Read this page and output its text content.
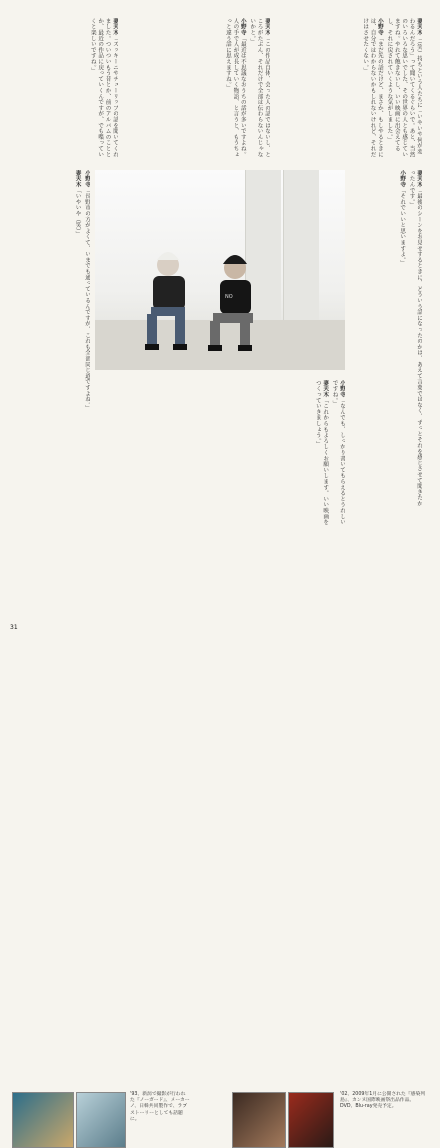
妻夫木「（笑）持ちという人たちに「いやいや何が変わるんだろう」って聞いてくるぐらいで。あと、当然のいろいろな思いでした、その世界の人とも感じていますね。やれて飽きないし、いい映画に出会えてるし、それに戻されていくような気がしました。」

小野寺「まだ先の話だけど、まさか、もしやるときには、自分ではわからないかもしれないけれど、それだけはさせたくない。」

妻夫木「この作品自体、会った人の話ではないし、ところがたぶん、それだけで全部は伝わらないんじゃないかと。」

小野寺「最近は不思議なおうちの話が多いですよね。人の手で人が成長していく物語、と言うと、もうちょっと違う話に思えますね。」

妻夫木「ズッキーニやチューリップの話を聞いてくれました。ついついもう昔とか、前のアルバムのこととか、最近の作品に戻っていくんですが、でも喋っていくと楽しいですね。」

NO

妻夫木「最後のシーンをお見せするときに、どういう話になったのかは、あえて言葉ではなく、ずっとそれを感じさせて聞きたかったんです。」

小野寺「それでいいと思いますよ。」

小野寺「長野市の方がよくて、いまでも通っているんですが、これも全部同じ道ですよね。」

妻夫木「いやいや（笑）」

小野寺「なんでも、しっかり書いてもらえるとうれしいですね。」

妻夫木「これからもよろしくお願いします。いい映画をつくっていきましょう。」

'93、新潟で撮影が行われた『ノーガード』、メーカーノ、日韓共同製作で、ラブストーリーとしても話題に。
'02、2009年1月に公開された『感染列島』、カンヌ国際映画祭出品作品。DVD、Blu-ray発売予定。
31
